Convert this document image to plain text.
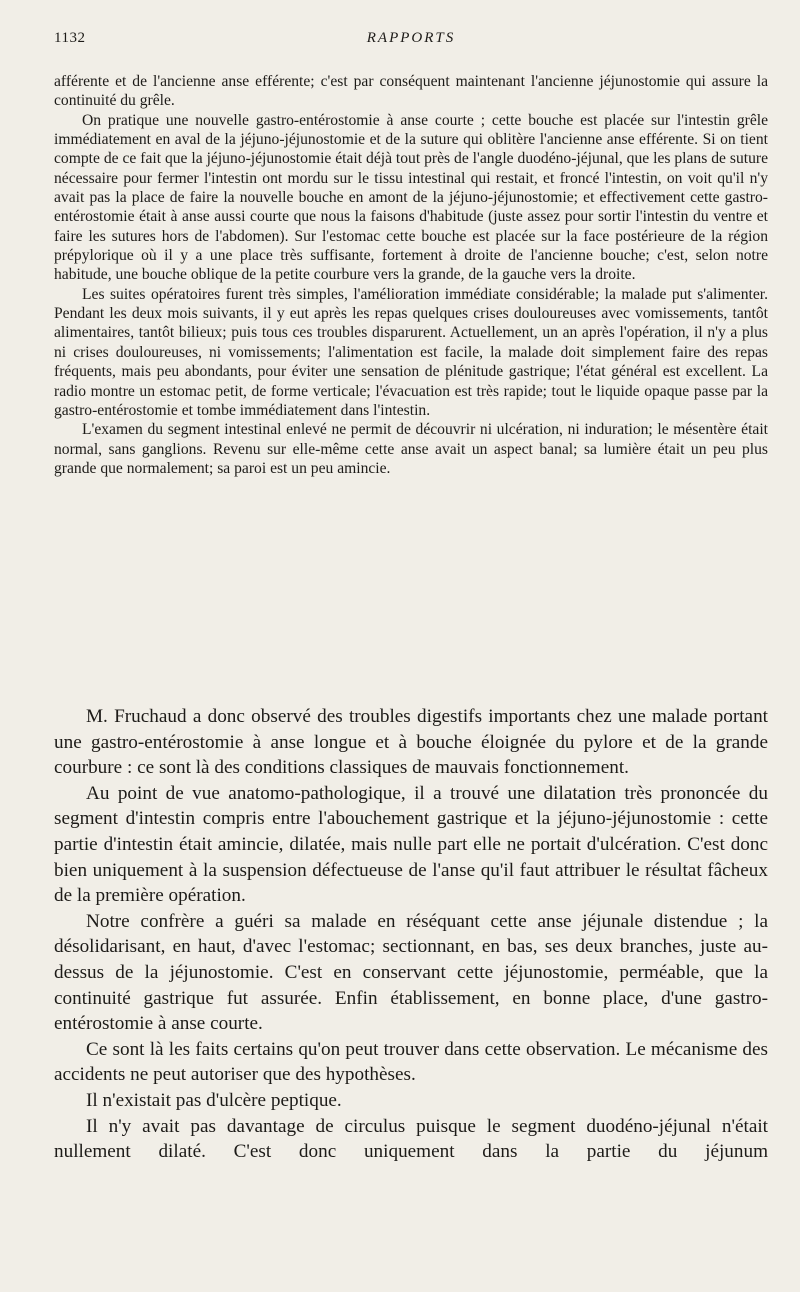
1132	RAPPORTS

afférente et de l'ancienne anse efférente; c'est par conséquent maintenant l'ancienne jéjunostomie qui assure la continuité du grêle.

On pratique une nouvelle gastro-entérostomie à anse courte ; cette bouche est placée sur l'intestin grêle immédiatement en aval de la jéjuno-jéjunostomie et de la suture qui oblitère l'ancienne anse efférente. Si on tient compte de ce fait que la jéjuno-jéjunostomie était déjà tout près de l'angle duodéno-jéjunal, que les plans de suture nécessaire pour fermer l'intestin ont mordu sur le tissu intestinal qui restait, et froncé l'intestin, on voit qu'il n'y avait pas la place de faire la nouvelle bouche en amont de la jéjuno-jéjunostomie; et effectivement cette gastro-entérostomie était à anse aussi courte que nous la faisons d'habitude (juste assez pour sortir l'intestin du ventre et faire les sutures hors de l'abdomen). Sur l'estomac cette bouche est placée sur la face postérieure de la région prépylorique où il y a une place très suffisante, fortement à droite de l'ancienne bouche; c'est, selon notre habitude, une bouche oblique de la petite courbure vers la grande, de la gauche vers la droite.

Les suites opératoires furent très simples, l'amélioration immédiate considérable; la malade put s'alimenter. Pendant les deux mois suivants, il y eut après les repas quelques crises douloureuses avec vomissements, tantôt alimentaires, tantôt bilieux; puis tous ces troubles disparurent. Actuellement, un an après l'opération, il n'y a plus ni crises douloureuses, ni vomissements; l'alimentation est facile, la malade doit simplement faire des repas fréquents, mais peu abondants, pour éviter une sensation de plénitude gastrique; l'état général est excellent. La radio montre un estomac petit, de forme verticale; l'évacuation est très rapide; tout le liquide opaque passe par la gastro-entérostomie et tombe immédiatement dans l'intestin.

L'examen du segment intestinal enlevé ne permit de découvrir ni ulcération, ni induration; le mésentère était normal, sans ganglions. Revenu sur elle-même cette anse avait un aspect banal; sa lumière était un peu plus grande que normalement; sa paroi est un peu amincie.

M. Fruchaud a donc observé des troubles digestifs importants chez une malade portant une gastro-entérostomie à anse longue et à bouche éloignée du pylore et de la grande courbure : ce sont là des conditions classiques de mauvais fonctionnement.

Au point de vue anatomo-pathologique, il a trouvé une dilatation très prononcée du segment d'intestin compris entre l'abouchement gastrique et la jéjuno-jéjunostomie : cette partie d'intestin était amincie, dilatée, mais nulle part elle ne portait d'ulcération. C'est donc bien uniquement à la suspension défectueuse de l'anse qu'il faut attribuer le résultat fâcheux de la première opération.

Notre confrère a guéri sa malade en réséquant cette anse jéjunale distendue ; la désolidarisant, en haut, d'avec l'estomac; sectionnant, en bas, ses deux branches, juste au-dessus de la jéjunostomie. C'est en conservant cette jéjunostomie, perméable, que la continuité gastrique fut assurée. Enfin établissement, en bonne place, d'une gastro-entérostomie à anse courte.

Ce sont là les faits certains qu'on peut trouver dans cette observation. Le mécanisme des accidents ne peut autoriser que des hypothèses.

Il n'existait pas d'ulcère peptique.

Il n'y avait pas davantage de circulus puisque le segment duodéno-jéjunal n'était nullement dilaté. C'est donc uniquement dans la partie du jéjunum
